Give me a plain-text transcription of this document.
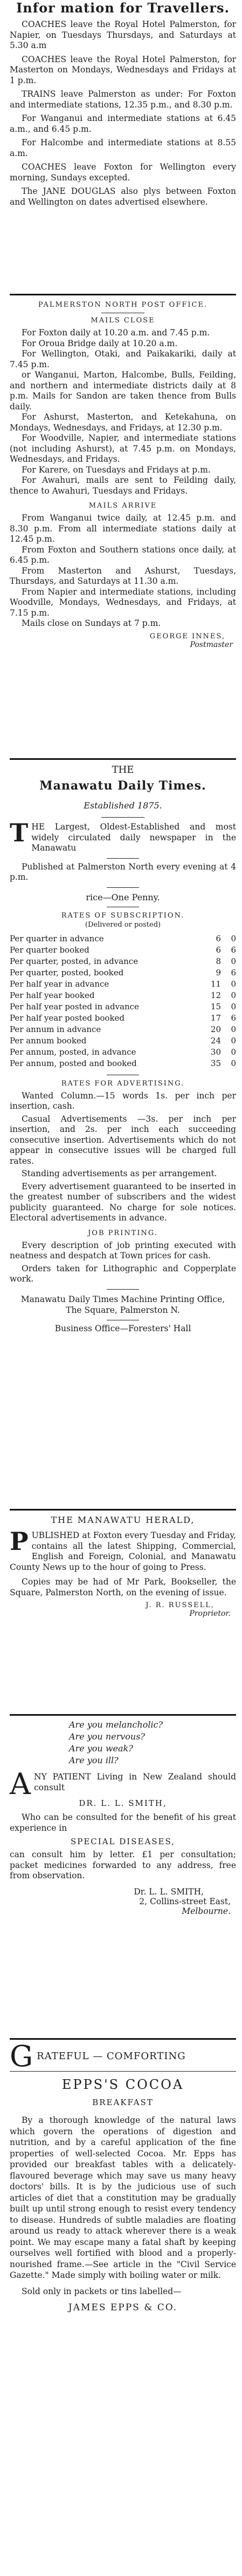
Infor mation for Travellers.
COACHES leave the Royal Hotel Palmerston, for Napier, on Tuesdays Thursdays, and Saturdays at 5.30 a.m
COACHES leave the Royal Hotel Palmerston, for Masterton on Mondays, Wednesdays and Fridays at 1 p.m.
TRAINS leave Palmerston as under: For Foxton and intermediate stations, 12.35 p.m., and 8.30 p.m.
For Wanganui and intermediate stations at 6.45 a.m., and 6.45 p.m.
For Halcombe and intermediate stations at 8.55 a.m.
COACHES leave Foxton for Wellington every morning, Sundays excepted.
The JANE DOUGLAS also plys between Foxton and Wellington on dates advertised elsewhere.
PALMERSTON NORTH POST OFFICE.
MAILS CLOSE
For Foxton daily at 10.20 a.m. and 7.45 p.m.
For Oroua Bridge daily at 10.20 a.m.
For Wellington, Otaki, and Paikakariki, daily at 7.45 p.m.
or Wanganui, Marton, Halcombe, Bulls, Feilding, and northern and intermediate districts daily at 8 p.m. Mails for Sandon are taken thence from Bulls daily.
For Ashurst, Masterton, and Ketekahuna, on Mondays, Wednesdays, and Fridays, at 12.30 p.m.
For Woodville, Napier, and intermediate stations (not including Ashurst), at 7.45 p.m. on Mondays, Wednesdays, and Fridays.
For Karere, on Tuesdays and Fridays at p.m.
For Awahuri, mails are sent to Feilding daily, thence to Awahuri, Tuesdays and Fridays.
MAILS ARRIVE
From Wanganui twice daily, at 12.45 p.m. and 8.30 p.m. From all intermediate stations daily at 12.45 p.m.
From Foxton and Southern stations once daily, at 6.45 p.m.
From Masterton and Ashurst, Tuesdays, Thursdays, and Saturdays at 11.30 a.m.
From Napier and intermediate stations, including Woodville, Mondays, Wednesdays, and Fridays, at 7.15 p.m.
Mails close on Sundays at 7 p.m.
GEORGE INNES,
Postmaster
THE
Manawatu Daily Times.
Established 1875.
THE Largest, Oldest-Established and most widely circulated daily newspaper in the Manawatu
Published at Palmerston North every evening at 4 p.m.
rice—One Penny.
RATES OF SUBSCRIPTION.
(Delivered or posted)
Per quarter in advance	6	0
Per quarter booked	6	6
Per quarter, posted, in advance	8	0
Per quarter, posted, booked	9	6
Per half year in advance	11	0
Per half year booked	12	0
Per half year posted in advance	15	0
Per half year posted booked	17	6
Per annum in advance	20	0
Per annum booked	24	0
Per annum, posted, in advance	30	0
Per annum, posted and booked	35	0
RATES FOR ADVERTISING.
Wanted Column.—15 words 1s. per inch per insertion, cash.
Casual Advertisements —3s. per inch per insertion, and 2s. per inch each succeeding consecutive insertion. Advertisements which do not appear in consecutive issues will be charged full rates.
Standing advertisements as per arrangement.
Every advertisement guaranteed to be inserted in the greatest number of subscribers and the widest publicity guaranteed. No charge for sole notices. Electoral advertisements in advance.
JOB PRINTING.
Every description of job printing executed with neatness and despatch at Town prices for cash.
Orders taken for Lithographic and Copperplate work.
Manawatu Daily Times Machine Printing Office,
The Square, Palmerston N.
Business Office—Foresters' Hall
THE MANAWATU HERALD,
PUBLISHED at Foxton every Tuesday and Friday, contains all the latest Shipping, Commercial, English and Foreign, Colonial, and Manawatu County News up to the hour of going to Press.
Copies may be had of Mr Park, Bookseller, the Square, Palmerston North, on the evening of issue.
J. R. RUSSELL,
Proprietor.
Are you melancholic?
Are you nervous?
Are you weak?
Are you ill?
ANY PATIENT Living in New Zealand should consult
DR. L. L. SMITH,
Who can be consulted for the benefit of his great experience in
SPECIAL DISEASES,
can consult him by letter. £1 per consultation; packet medicines forwarded to any address, free from observation.
Dr. L. L. SMITH,
2, Collins-street East,
Melbourne.
GRATEFUL — COMFORTING
EPPS'S COCOA
BREAKFAST
By a thorough knowledge of the natural laws which govern the operations of digestion and nutrition, and by a careful application of the fine properties of well-selected Cocoa. Mr. Epps has provided our breakfast tables with a delicately-flavoured beverage which may save us many heavy doctors' bills. It is by the judicious use of such articles of diet that a constitution may be gradually built up until strong enough to resist every tendency to disease. Hundreds of subtle maladies are floating around us ready to attack wherever there is a weak point. We may escape many a fatal shaft by keeping ourselves well fortified with blood and a properly-nourished frame.—See article in the "Civil Service Gazette." Made simply with boiling water or milk.
Sold only in packets or tins labelled—
JAMES EPPS & CO.
